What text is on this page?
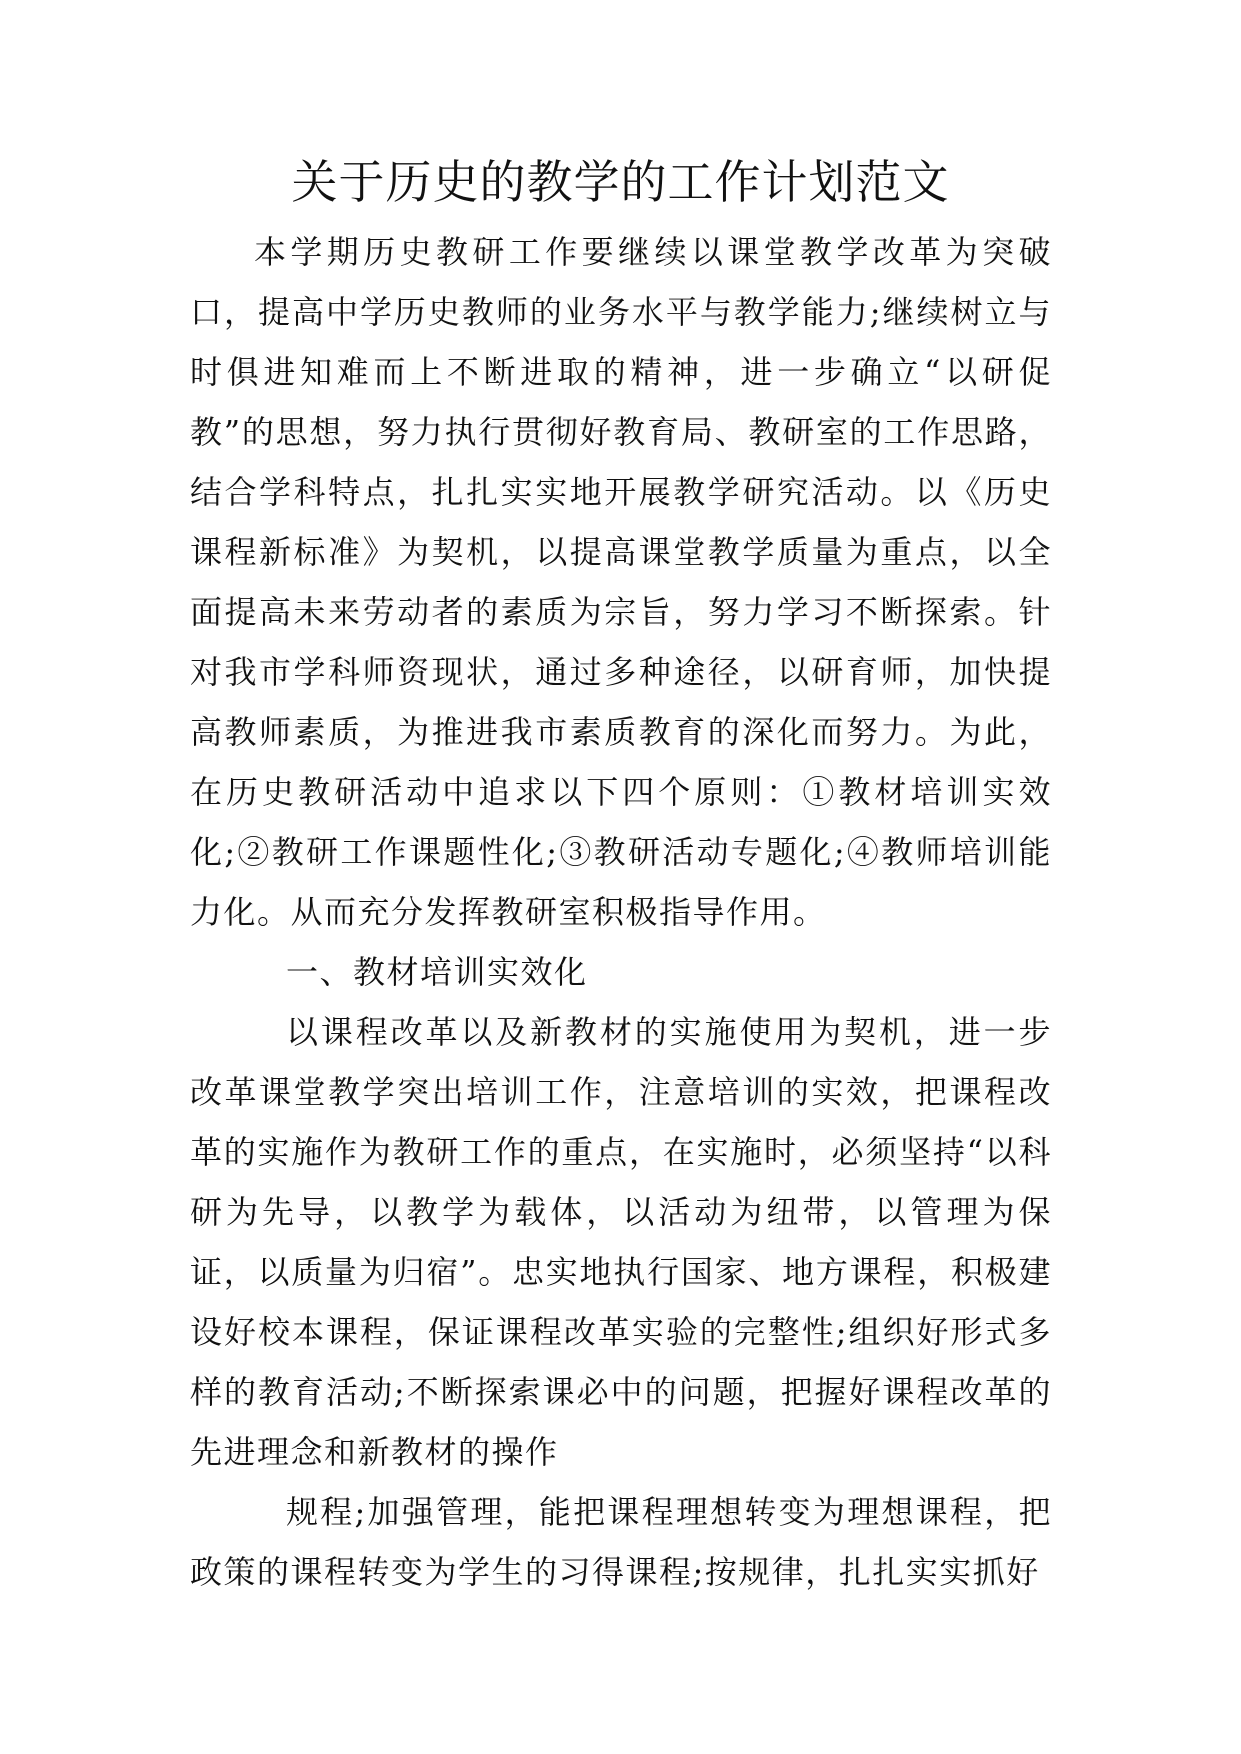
关于历史的教学的工作计划范文

本学期历史教研工作要继续以课堂教学改革为突破口，提高中学历史教师的业务水平与教学能力;继续树立与时俱进知难而上不断进取的精神，进一步确立“以研促教”的思想，努力执行贯彻好教育局、教研室的工作思路，结合学科特点，扎扎实实地开展教学研究活动。以《历史课程新标准》为契机，以提高课堂教学质量为重点，以全面提高未来劳动者的素质为宗旨，努力学习不断探索。针对我市学科师资现状，通过多种途径，以研育师，加快提高教师素质，为推进我市素质教育的深化而努力。为此，在历史教研活动中追求以下四个原则：①教材培训实效化;②教研工作课题性化;③教研活动专题化;④教师培训能力化。从而充分发挥教研室积极指导作用。

一、教材培训实效化

以课程改革以及新教材的实施使用为契机，进一步改革课堂教学突出培训工作，注意培训的实效，把课程改革的实施作为教研工作的重点，在实施时，必须坚持“以科研为先导，以教学为载体，以活动为纽带，以管理为保证，以质量为归宿”。忠实地执行国家、地方课程，积极建设好校本课程，保证课程改革实验的完整性;组织好形式多样的教育活动;不断探索课必中的问题，把握好课程改革的先进理念和新教材的操作

规程;加强管理，能把课程理想转变为理想课程，把政策的课程转变为学生的习得课程;按规律，扎扎实实抓好
